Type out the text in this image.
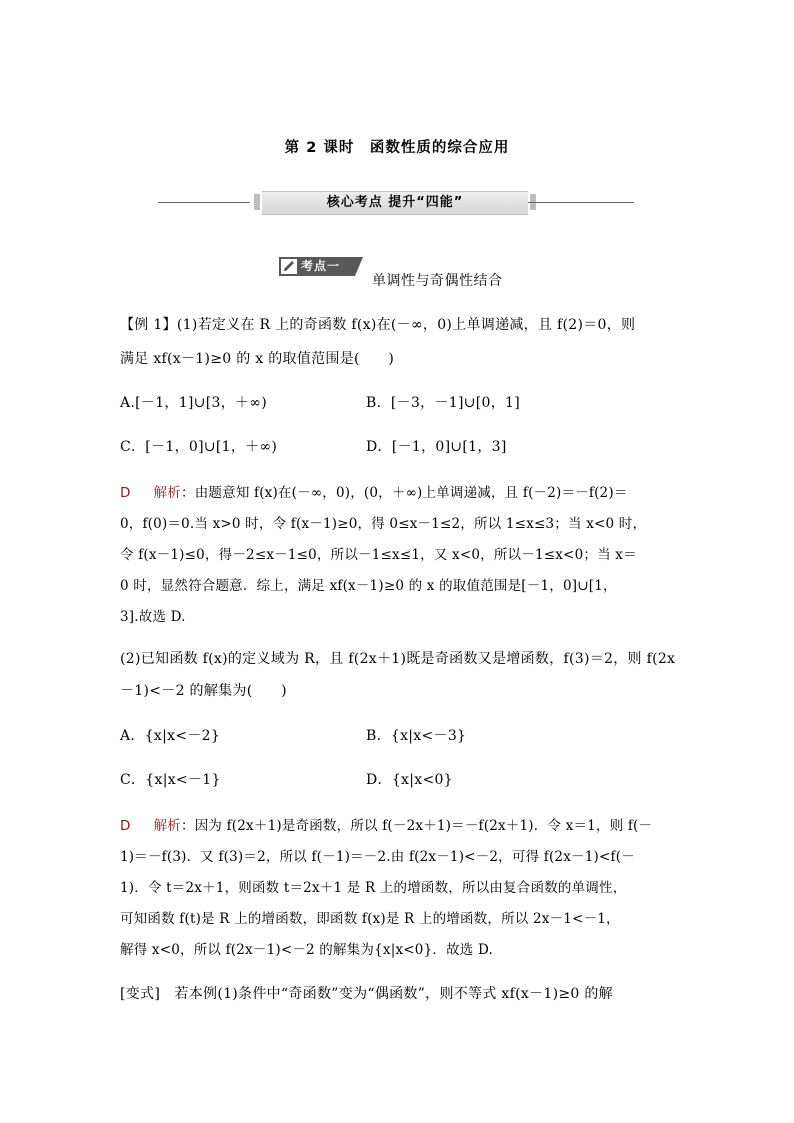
第 2 课时　函数性质的综合应用
核心考点 提升“四能”
考点一
单调性与奇偶性结合
【例 1】(1)若定义在 R 上的奇函数 f(x)在(－∞，0)上单调递减，且 f(2)＝0，则
满足 xf(x－1)≥0 的 x 的取值范围是(　　)
A.[－1，1]∪[3，＋∞)	B．[－3，－1]∪[0，1]
C．[－1，0]∪[1，＋∞)	D．[－1，0]∪[1，3]
D 解析：由题意知 f(x)在(－∞，0)，(0，＋∞)上单调递减，且 f(－2)＝－f(2)＝
0，f(0)＝0.当 x>0 时，令 f(x－1)≥0，得 0≤x－1≤2，所以 1≤x≤3；当 x<0 时，
令 f(x－1)≤0，得－2≤x－1≤0，所以－1≤x≤1，又 x<0，所以－1≤x<0；当 x＝
0 时，显然符合题意．综上，满足 xf(x－1)≥0 的 x 的取值范围是[－1，0]∪[1，
3].故选 D.
(2)已知函数 f(x)的定义域为 R，且 f(2x＋1)既是奇函数又是增函数，f(3)＝2，则 f(2x
－1)<－2 的解集为(　　)
A．{x|x<－2}	B．{x|x<－3}
C．{x|x<－1}	D．{x|x<0}
D 解析：因为 f(2x＋1)是奇函数，所以 f(－2x＋1)＝－f(2x＋1)．令 x＝1，则 f(－
1)＝－f(3)．又 f(3)＝2，所以 f(－1)＝－2.由 f(2x－1)<－2，可得 f(2x－1)<f(－
1)．令 t＝2x＋1，则函数 t＝2x＋1 是 R 上的增函数，所以由复合函数的单调性，
可知函数 f(t)是 R 上的增函数，即函数 f(x)是 R 上的增函数，所以 2x－1<－1，
解得 x<0，所以 f(2x－1)<－2 的解集为{x|x<0}．故选 D.
[变式]　若本例(1)条件中“奇函数”变为“偶函数”，则不等式 xf(x－1)≥0 的解
